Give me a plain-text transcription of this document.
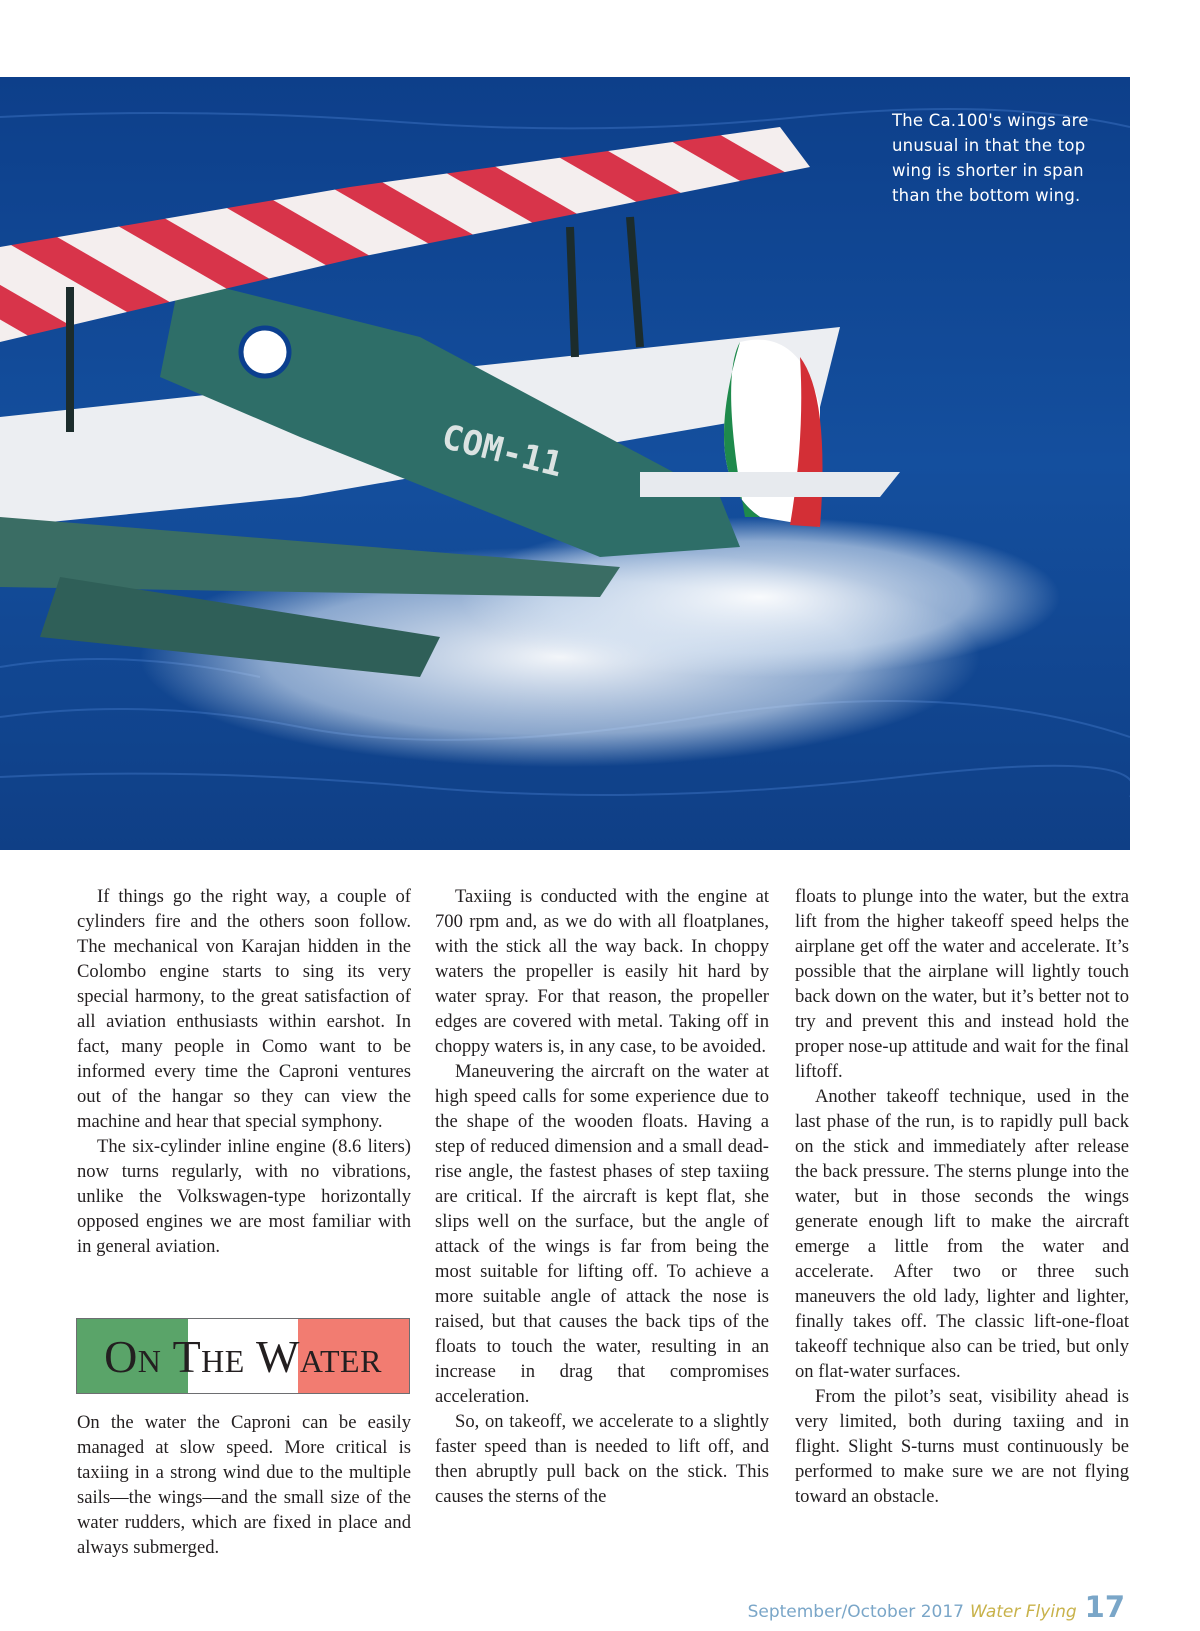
COM-11
The Ca.100's wings are unusual in that the top wing is shorter in span than the bottom wing.

If things go the right way, a couple of cylinders fire and the others soon follow. The mechanical von Karajan hidden in the Colombo engine starts to sing its very special harmony, to the great satisfaction of all aviation enthusiasts within earshot. In fact, many people in Como want to be informed every time the Caproni ventures out of the hangar so they can view the machine and hear that special symphony.

The six-cylinder inline engine (8.6 liters) now turns regularly, with no vibrations, unlike the Volkswagen-type horizontally opposed engines we are most familiar with in general aviation.

On The Water

On the water the Caproni can be easily managed at slow speed. More critical is taxiing in a strong wind due to the multiple sails—the wings—and the small size of the water rudders, which are fixed in place and always submerged.

Taxiing is conducted with the engine at 700 rpm and, as we do with all floatplanes, with the stick all the way back. In choppy waters the propeller is easily hit hard by water spray. For that reason, the propeller edges are covered with metal. Taking off in choppy waters is, in any case, to be avoided.

Maneuvering the aircraft on the water at high speed calls for some experience due to the shape of the wooden floats. Having a step of reduced dimension and a small dead-rise angle, the fastest phases of step taxiing are critical. If the aircraft is kept flat, she slips well on the surface, but the angle of attack of the wings is far from being the most suitable for lifting off. To achieve a more suitable angle of attack the nose is raised, but that causes the back tips of the floats to touch the water, resulting in an increase in drag that compromises acceleration.

So, on takeoff, we accelerate to a slightly faster speed than is needed to lift off, and then abruptly pull back on the stick. This causes the sterns of the

floats to plunge into the water, but the extra lift from the higher takeoff speed helps the airplane get off the water and accelerate. It’s possible that the airplane will lightly touch back down on the water, but it’s better not to try and prevent this and instead hold the proper nose-up attitude and wait for the final liftoff.

Another takeoff technique, used in the last phase of the run, is to rapidly pull back on the stick and immediately after release the back pressure. The sterns plunge into the water, but in those seconds the wings generate enough lift to make the aircraft emerge a little from the water and accelerate. After two or three such maneuvers the old lady, lighter and lighter, finally takes off. The classic lift-one-float takeoff technique also can be tried, but only on flat-water surfaces.

From the pilot’s seat, visibility ahead is very limited, both during taxiing and in flight. Slight S-turns must continuously be performed to make sure we are not flying toward an obstacle.

September/October 2017 Water Flying 17
